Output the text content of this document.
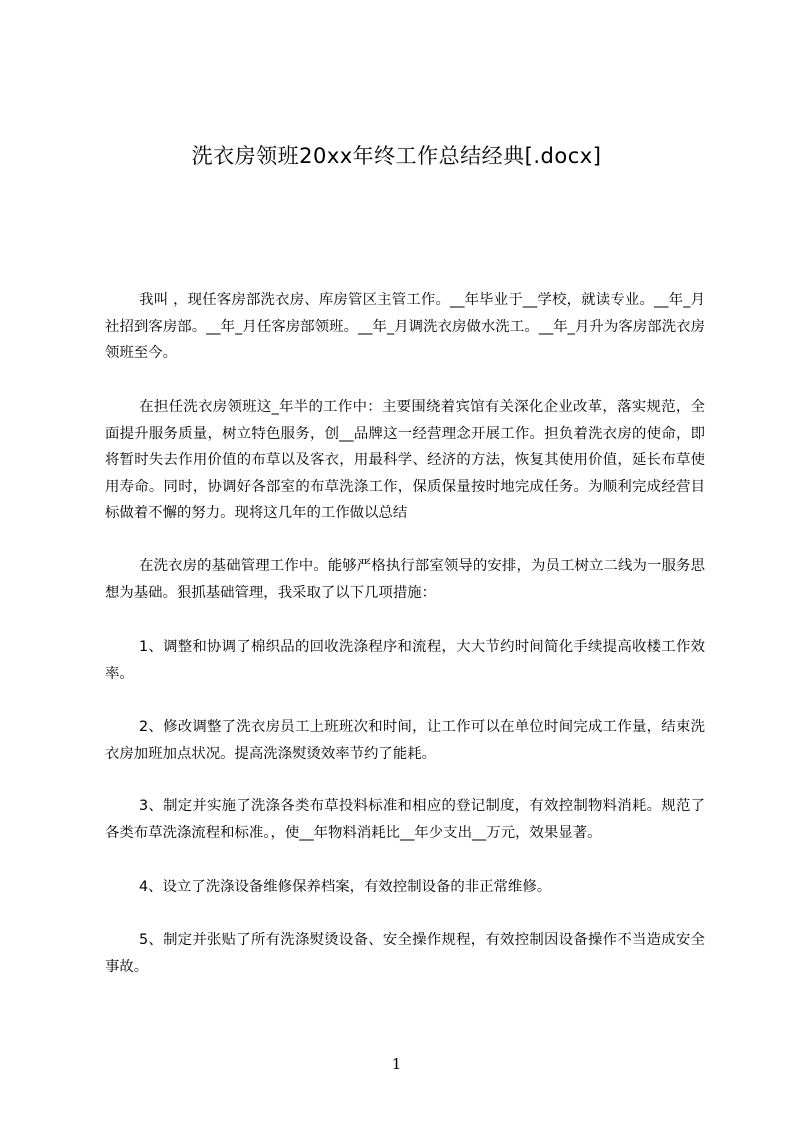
洗衣房领班20xx年终工作总结经典[.docx]
我叫 ，现任客房部洗衣房、库房管区主管工作。__年毕业于__学校，就读专业。__年_月社招到客房部。__年_月任客房部领班。__年_月调洗衣房做水洗工。__年_月升为客房部洗衣房领班至今。
在担任洗衣房领班这_年半的工作中：主要围绕着宾馆有关深化企业改革，落实规范，全面提升服务质量，树立特色服务，创__品牌这一经营理念开展工作。担负着洗衣房的使命，即将暂时失去作用价值的布草以及客衣，用最科学、经济的方法，恢复其使用价值，延长布草使用寿命。同时，协调好各部室的布草洗涤工作，保质保量按时地完成任务。为顺利完成经营目标做着不懈的努力。现将这几年的工作做以总结
在洗衣房的基础管理工作中。能够严格执行部室领导的安排，为员工树立二线为一服务思想为基础。狠抓基础管理，我采取了以下几项措施：
1、调整和协调了棉织品的回收洗涤程序和流程，大大节约时间简化手续提高收楼工作效率。
2、修改调整了洗衣房员工上班班次和时间，让工作可以在单位时间完成工作量，结束洗衣房加班加点状况。提高洗涤熨烫效率节约了能耗。
3、制定并实施了洗涤各类布草投料标准和相应的登记制度，有效控制物料消耗。规范了各类布草洗涤流程和标准。，使__年物料消耗比__年少支出__万元，效果显著。
4、设立了洗涤设备维修保养档案，有效控制设备的非正常维修。
5、制定并张贴了所有洗涤熨烫设备、安全操作规程，有效控制因设备操作不当造成安全事故。
1
